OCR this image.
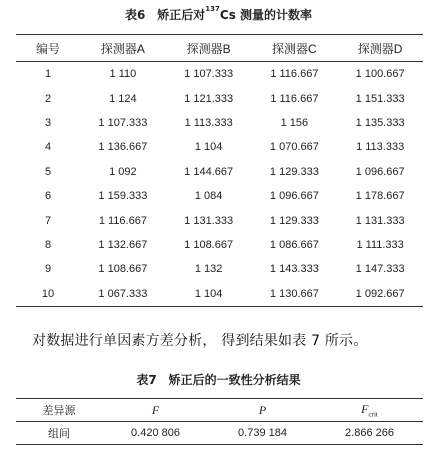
表6　矫正后对$^{137}$Cs 测量的计数率
编号	探测器A	探测器B	探测器C	探测器D
1	1 110	1 107.333	1 116.667	1 100.667
2	1 124	1 121.333	1 116.667	1 151.333
3	1 107.333	1 113.333	1 156	1 135.333
4	1 136.667	1 104	1 070.667	1 113.333
5	1 092	1 144.667	1 129.333	1 096.667
6	1 159.333	1 084	1 096.667	1 178.667
7	1 116.667	1 131.333	1 129.333	1 131.333
8	1 132.667	1 108.667	1 086.667	1 111.333
9	1 108.667	1 132	1 143.333	1 147.333
10	1 067.333	1 104	1 130.667	1 092.667
对数据进行单因素方差分析， 得到结果如表 7 所示。
表7　矫正后的一致性分析结果
差异源	F	P	$F_{crit}$
组间	0.420 806	0.739 184	2.866 266
